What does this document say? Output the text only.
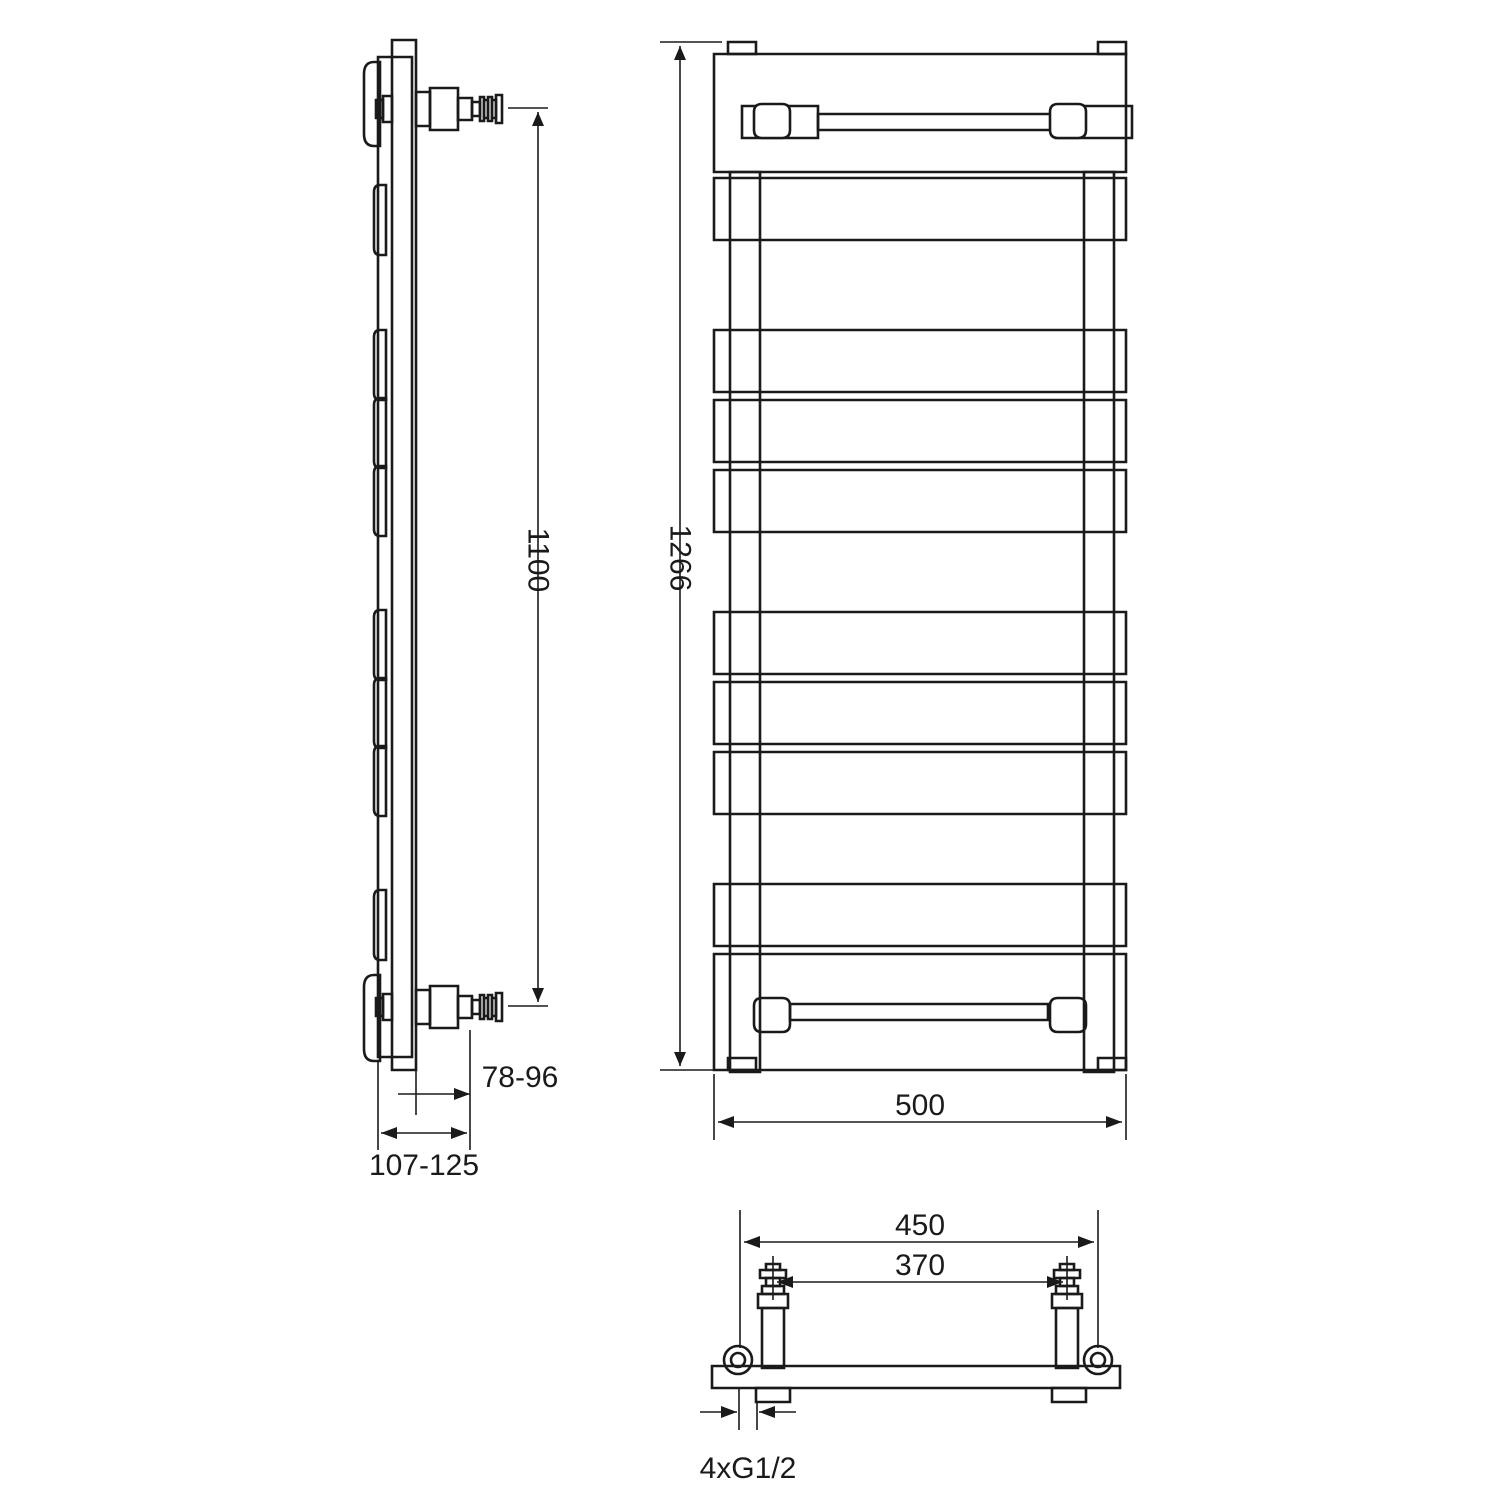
1100
78-96
107-125
1266
500
450
370
4xG1/2
